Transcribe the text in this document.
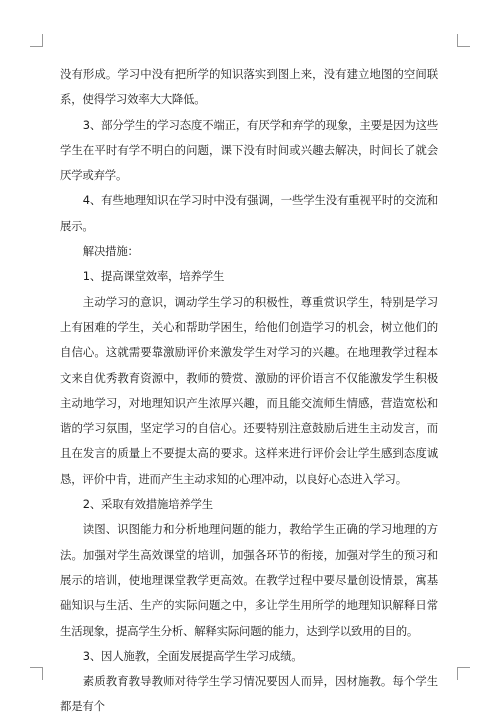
没有形成。学习中没有把所学的知识落实到图上来，没有建立地图的空间联系，使得学习效率大大降低。

3、部分学生的学习态度不端正，有厌学和弃学的现象，主要是因为这些学生在平时有学不明白的问题，课下没有时间或兴趣去解决，时间长了就会厌学或弃学。

4、有些地理知识在学习时中没有强调，一些学生没有重视平时的交流和展示。

解决措施：

1、提高课堂效率，培养学生

主动学习的意识，调动学生学习的积极性，尊重赏识学生，特别是学习上有困难的学生，关心和帮助学困生，给他们创造学习的机会，树立他们的自信心。这就需要靠激励评价来激发学生对学习的兴趣。在地理教学过程本文来自优秀教育资源中，教师的赞赏、激励的评价语言不仅能激发学生积极主动地学习，对地理知识产生浓厚兴趣，而且能交流师生情感，营造宽松和谐的学习氛围，坚定学习的自信心。还要特别注意鼓励后进生主动发言，而且在发言的质量上不要提太高的要求。这样来进行评价会让学生感到态度诚恳，评价中肯，进而产生主动求知的心理冲动，以良好心态进入学习。

2、采取有效措施培养学生

读图、识图能力和分析地理问题的能力，教给学生正确的学习地理的方法。加强对学生高效课堂的培训，加强各环节的衔接，加强对学生的预习和展示的培训，使地理课堂教学更高效。在教学过程中要尽量创设情景，寓基础知识与生活、生产的实际问题之中，多让学生用所学的地理知识解释日常生活现象，提高学生分析、解释实际问题的能力，达到学以致用的目的。

3、因人施教，全面发展提高学生学习成绩。

素质教育教导教师对待学生学习情况要因人而异，因材施教。每个学生都是有个
